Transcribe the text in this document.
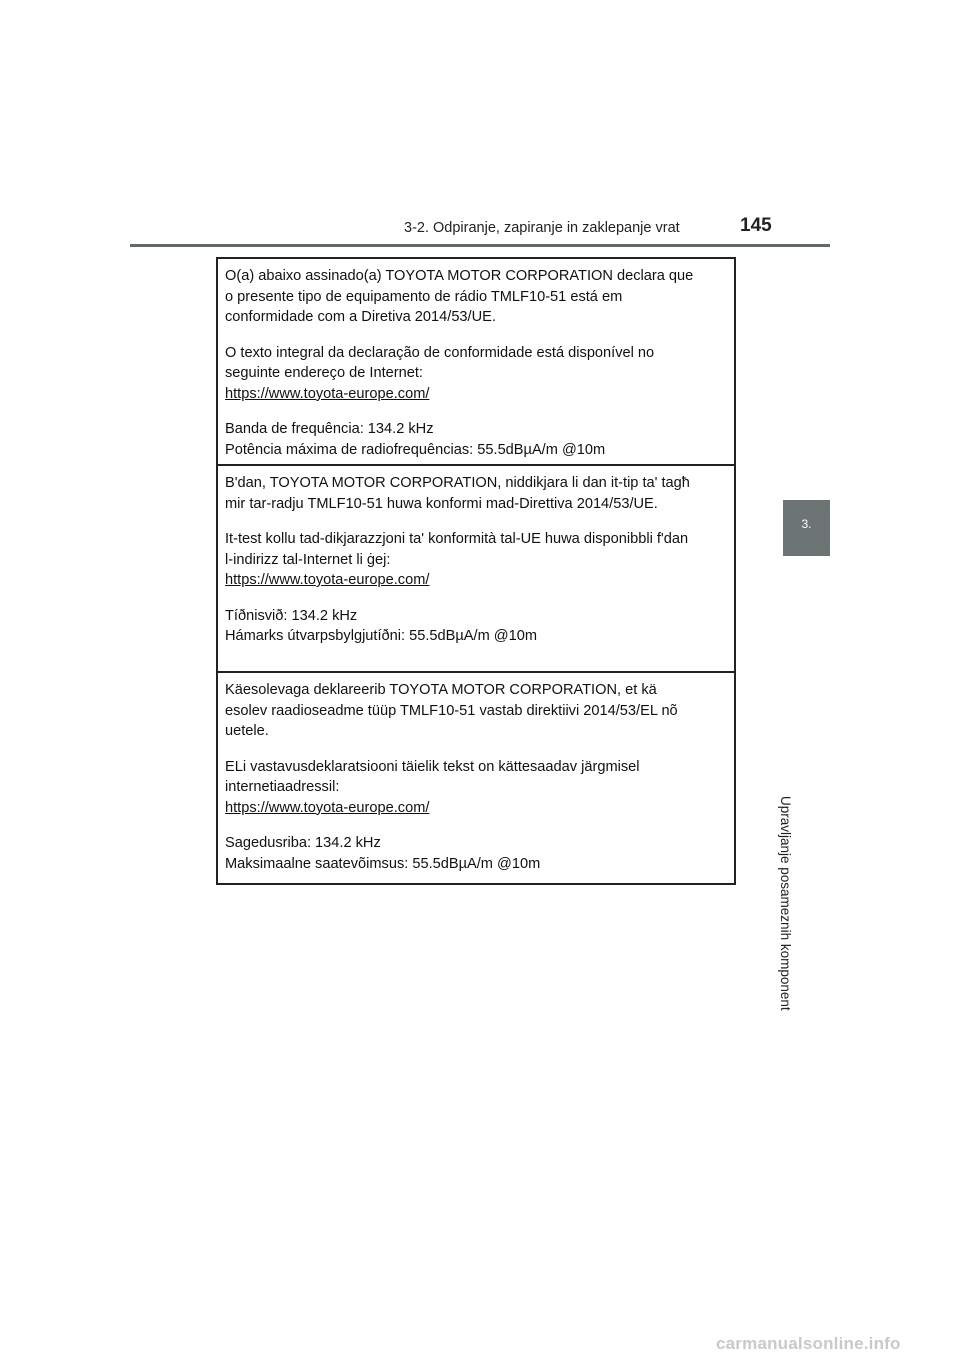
3-2. Odpiranje, zapiranje in zaklepanje vrat	145
3.
Upravljanje posameznih komponent

O(a) abaixo assinado(a) TOYOTA MOTOR CORPORATION declara que
o presente tipo de equipamento de rádio TMLF10-51 está em
conformidade com a Diretiva 2014/53/UE.

O texto integral da declaração de conformidade está disponível no
seguinte endereço de Internet:
https://www.toyota-europe.com/

Banda de frequência: 134.2 kHz
Potência máxima de radiofrequências: 55.5dBµA/m @10m

B'dan, TOYOTA MOTOR CORPORATION, niddikjara li dan it-tip ta' tagħ
mir tar-radju TMLF10-51 huwa konformi mad-Direttiva 2014/53/UE.

It-test kollu tad-dikjarazzjoni ta' konformità tal-UE huwa disponibbli f'dan
l-indirizz tal-Internet li ġej:
https://www.toyota-europe.com/

Tíðnisvið: 134.2 kHz
Hámarks útvarpsbylgjutíðni: 55.5dBµA/m @10m

Käesolevaga deklareerib TOYOTA MOTOR CORPORATION, et kä
esolev raadioseadme tüüp TMLF10-51 vastab direktiivi 2014/53/EL nõ
uetele.

ELi vastavusdeklaratsiooni täielik tekst on kättesaadav järgmisel
internetiaadressil:
https://www.toyota-europe.com/

Sagedusriba: 134.2 kHz
Maksimaalne saatevõimsus: 55.5dBµA/m @10m

carmanualsonline.info
